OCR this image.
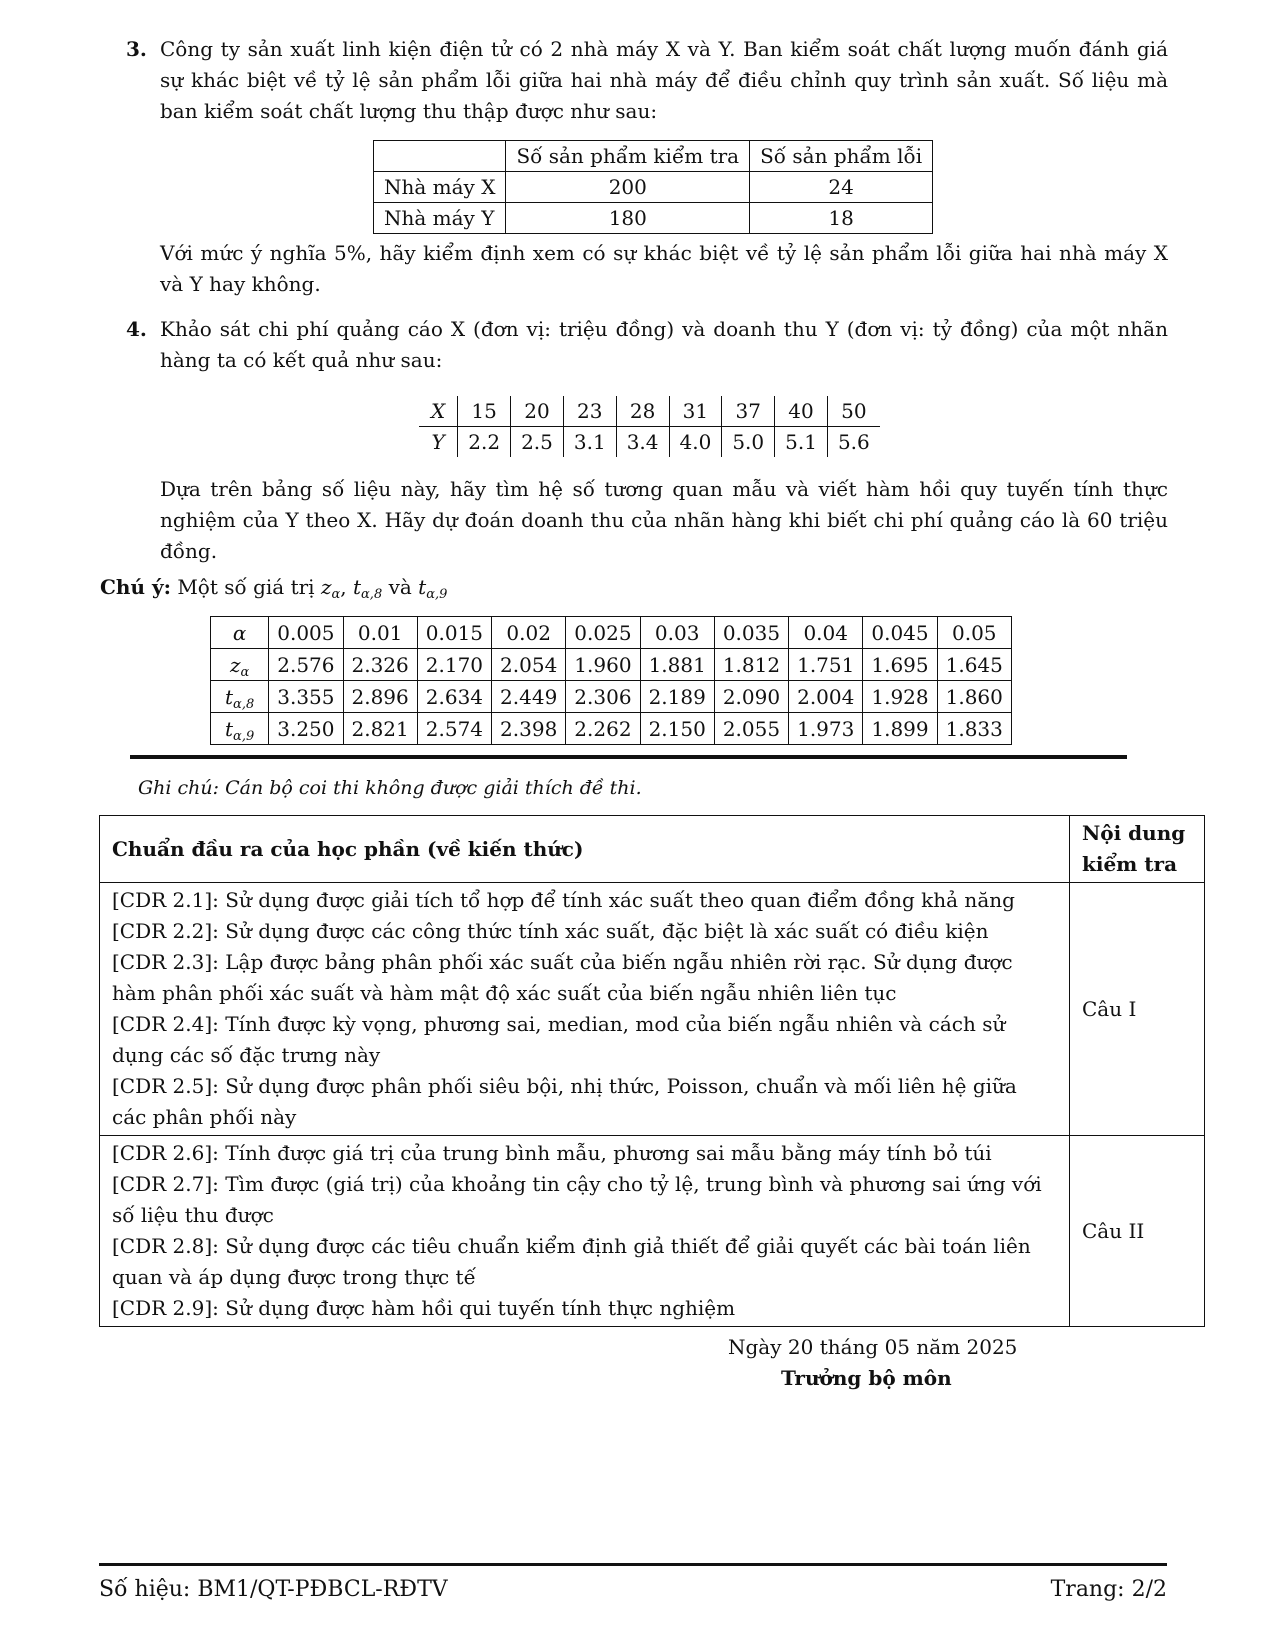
3. Công ty sản xuất linh kiện điện tử có 2 nhà máy X và Y. Ban kiểm soát chất lượng muốn đánh giá sự khác biệt về tỷ lệ sản phẩm lỗi giữa hai nhà máy để điều chỉnh quy trình sản xuất. Số liệu mà ban kiểm soát chất lượng thu thập được như sau:
	Số sản phẩm kiểm tra	Số sản phẩm lỗi
Nhà máy X	200	24
Nhà máy Y	180	18
Với mức ý nghĩa 5%, hãy kiểm định xem có sự khác biệt về tỷ lệ sản phẩm lỗi giữa hai nhà máy X và Y hay không.
4. Khảo sát chi phí quảng cáo X (đơn vị: triệu đồng) và doanh thu Y (đơn vị: tỷ đồng) của một nhãn hàng ta có kết quả như sau:
X	15	20	23	28	31	37	40	50
Y	2.2	2.5	3.1	3.4	4.0	5.0	5.1	5.6
Dựa trên bảng số liệu này, hãy tìm hệ số tương quan mẫu và viết hàm hồi quy tuyến tính thực nghiệm của Y theo X. Hãy dự đoán doanh thu của nhãn hàng khi biết chi phí quảng cáo là 60 triệu đồng.
Chú ý: Một số giá trị $z_\alpha$, $t_{\alpha,8}$ và $t_{\alpha,9}$
α	0.005	0.01	0.015	0.02	0.025	0.03	0.035	0.04	0.045	0.05
$z_\alpha$	2.576	2.326	2.170	2.054	1.960	1.881	1.812	1.751	1.695	1.645
$t_{\alpha,8}$	3.355	2.896	2.634	2.449	2.306	2.189	2.090	2.004	1.928	1.860
$t_{\alpha,9}$	3.250	2.821	2.574	2.398	2.262	2.150	2.055	1.973	1.899	1.833
Ghi chú: Cán bộ coi thi không được giải thích đề thi.
Chuẩn đầu ra của học phần (về kiến thức)	Nội dung kiểm tra

[CDR 2.1]: Sử dụng được giải tích tổ hợp để tính xác suất theo quan điểm đồng khả năng
[CDR 2.2]: Sử dụng được các công thức tính xác suất, đặc biệt là xác suất có điều kiện
[CDR 2.3]: Lập được bảng phân phối xác suất của biến ngẫu nhiên rời rạc. Sử dụng được hàm phân phối xác suất và hàm mật độ xác suất của biến ngẫu nhiên liên tục
[CDR 2.4]: Tính được kỳ vọng, phương sai, median, mod của biến ngẫu nhiên và cách sử dụng các số đặc trưng này
[CDR 2.5]: Sử dụng được phân phối siêu bội, nhị thức, Poisson, chuẩn và mối liên hệ giữa các phân phối này	Câu I

[CDR 2.6]: Tính được giá trị của trung bình mẫu, phương sai mẫu bằng máy tính bỏ túi
[CDR 2.7]: Tìm được (giá trị) của khoảng tin cậy cho tỷ lệ, trung bình và phương sai ứng với số liệu thu được
[CDR 2.8]: Sử dụng được các tiêu chuẩn kiểm định giả thiết để giải quyết các bài toán liên quan và áp dụng được trong thực tế
[CDR 2.9]: Sử dụng được hàm hồi qui tuyến tính thực nghiệm	Câu II
Ngày 20 tháng 05 năm 2025
Trưởng bộ môn
Số hiệu: BM1/QT-PĐBCL-RĐTV	Trang: 2/2
